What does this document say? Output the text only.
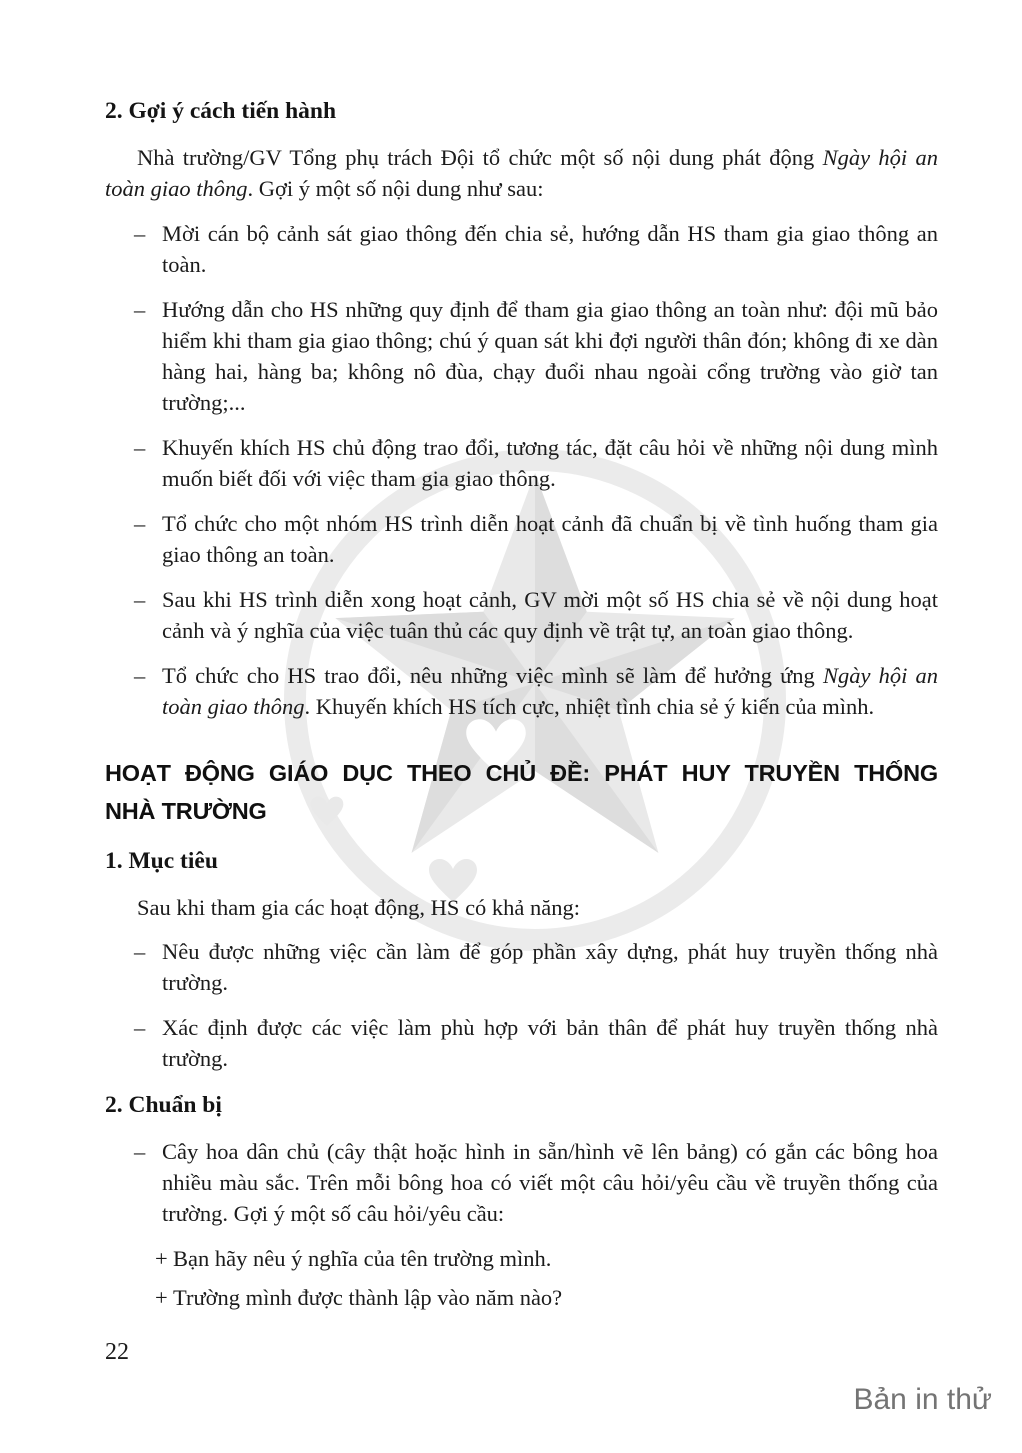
2. Gợi ý cách tiến hành

Nhà trường/GV Tổng phụ trách Đội tổ chức một số nội dung phát động Ngày hội an toàn giao thông. Gợi ý một số nội dung như sau:

– Mời cán bộ cảnh sát giao thông đến chia sẻ, hướng dẫn HS tham gia giao thông an toàn.
– Hướng dẫn cho HS những quy định để tham gia giao thông an toàn như: đội mũ bảo hiểm khi tham gia giao thông; chú ý quan sát khi đợi người thân đón; không đi xe dàn hàng hai, hàng ba; không nô đùa, chạy đuổi nhau ngoài cổng trường vào giờ tan trường;...
– Khuyến khích HS chủ động trao đổi, tương tác, đặt câu hỏi về những nội dung mình muốn biết đối với việc tham gia giao thông.
– Tổ chức cho một nhóm HS trình diễn hoạt cảnh đã chuẩn bị về tình huống tham gia giao thông an toàn.
– Sau khi HS trình diễn xong hoạt cảnh, GV mời một số HS chia sẻ về nội dung hoạt cảnh và ý nghĩa của việc tuân thủ các quy định về trật tự, an toàn giao thông.
– Tổ chức cho HS trao đổi, nêu những việc mình sẽ làm để hưởng ứng Ngày hội an toàn giao thông. Khuyến khích HS tích cực, nhiệt tình chia sẻ ý kiến của mình.
HOẠT ĐỘNG GIÁO DỤC THEO CHỦ ĐỀ: PHÁT HUY TRUYỀN THỐNG
NHÀ TRƯỜNG
1. Mục tiêu

Sau khi tham gia các hoạt động, HS có khả năng:

– Nêu được những việc cần làm để góp phần xây dựng, phát huy truyền thống nhà trường.
– Xác định được các việc làm phù hợp với bản thân để phát huy truyền thống nhà trường.
2. Chuẩn bị
– Cây hoa dân chủ (cây thật hoặc hình in sẵn/hình vẽ lên bảng) có gắn các bông hoa nhiều màu sắc. Trên mỗi bông hoa có viết một câu hỏi/yêu cầu về truyền thống của trường. Gợi ý một số câu hỏi/yêu cầu:
+ Bạn hãy nêu ý nghĩa của tên trường mình.
+ Trường mình được thành lập vào năm nào?
22
Bản in thử
